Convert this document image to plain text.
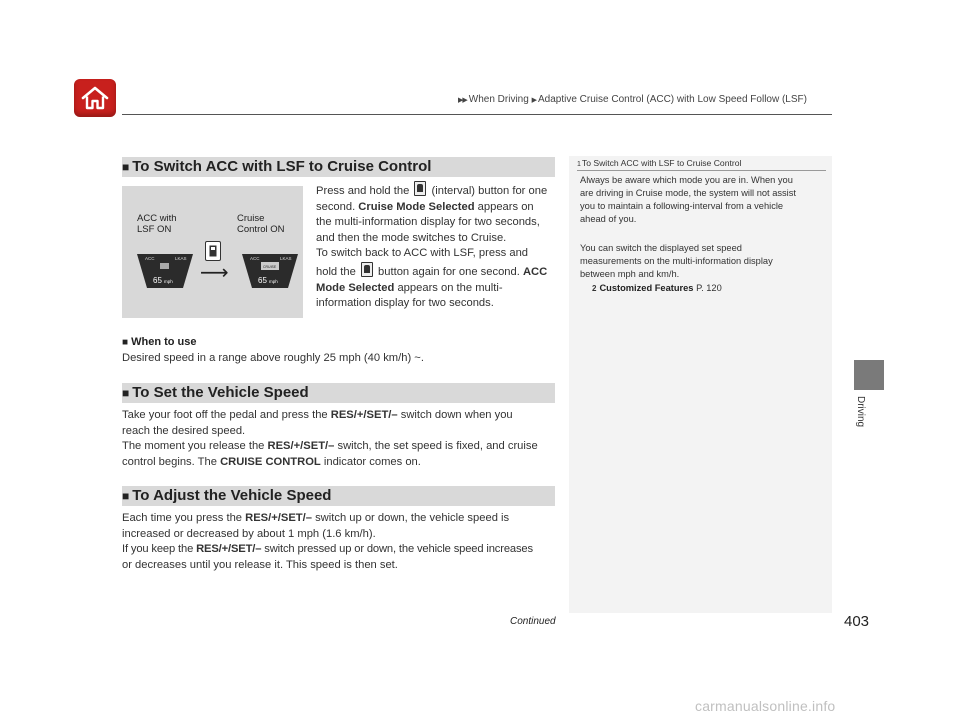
▶▶ When Driving ▶ Adaptive Cruise Control (ACC) with Low Speed Follow (LSF)
Driving
■ To Switch ACC with LSF to Cruise Control
ACC with
LSF ON
Cruise
Control ON
ACC	LKAS
65 mph ⟶
ACC	LKAS
CRUISE
65 mph
Press and hold the (interval) button for one
second. Cruise Mode Selected appears on
the multi-information display for two seconds,
and then the mode switches to Cruise.
To switch back to ACC with LSF, press and
hold the button again for one second. ACC
Mode Selected appears on the multi-
information display for two seconds.
■ When to use
Desired speed in a range above roughly 25 mph (40 km/h) ~.
■ To Set the Vehicle Speed
Take your foot off the pedal and press the RES/+/SET/– switch down when you
reach the desired speed.
The moment you release the RES/+/SET/– switch, the set speed is fixed, and cruise
control begins. The CRUISE CONTROL indicator comes on.
■ To Adjust the Vehicle Speed
Each time you press the RES/+/SET/– switch up or down, the vehicle speed is
increased or decreased by about 1 mph (1.6 km/h).
If you keep the RES/+/SET/– switch pressed up or down, the vehicle speed increases
or decreases until you release it. This speed is then set.
1To Switch ACC with LSF to Cruise Control
Always be aware which mode you are in. When you
are driving in Cruise mode, the system will not assist
you to maintain a following-interval from a vehicle
ahead of you.
You can switch the displayed set speed
measurements on the multi-information display
between mph and km/h.
2 Customized Features P. 120
Continued	403
carmanualsonline.info
